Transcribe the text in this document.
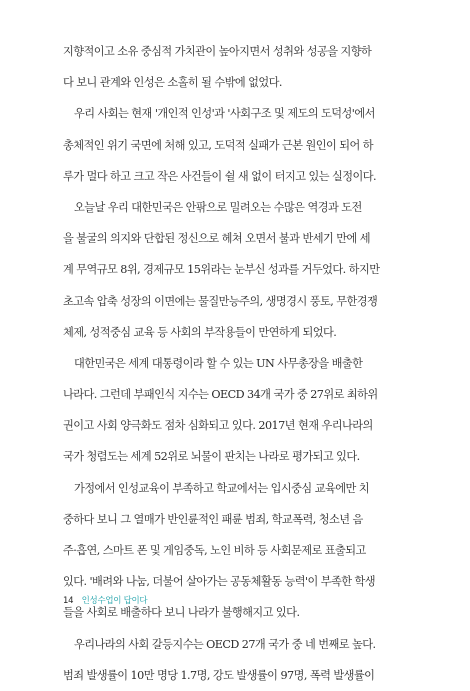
지향적이고 소유 중심적 가치관이 높아지면서 성취와 성공을 지향하
다 보니 관계와 인성은 소홀히 될 수밖에 없었다.
우리 사회는 현재 '개인적 인성'과 '사회구조 및 제도의 도덕성'에서
총체적인 위기 국면에 처해 있고, 도덕적 실패가 근본 원인이 되어 하
루가 멀다 하고 크고 작은 사건들이 쉴 새 없이 터지고 있는 실정이다.
오늘날 우리 대한민국은 안팎으로 밀려오는 수많은 역경과 도전
을 불굴의 의지와 단합된 정신으로 헤쳐 오면서 불과 반세기 만에 세
계 무역규모 8위, 경제규모 15위라는 눈부신 성과를 거두었다. 하지만
초고속 압축 성장의 이면에는 물질만능주의, 생명경시 풍토, 무한경쟁
체제, 성적중심 교육 등 사회의 부작용들이 만연하게 되었다.
대한민국은 세계 대통령이라 할 수 있는 UN 사무총장을 배출한
나라다. 그런데 부패인식 지수는 OECD 34개 국가 중 27위로 최하위
권이고 사회 양극화도 점차 심화되고 있다. 2017년 현재 우리나라의
국가 청렴도는 세계 52위로 뇌물이 판치는 나라로 평가되고 있다.
가정에서 인성교육이 부족하고 학교에서는 입시중심 교육에만 치
중하다 보니 그 열매가 반인륜적인 패륜 범죄, 학교폭력, 청소년 음
주·흡연, 스마트 폰 및 게임중독, 노인 비하 등 사회문제로 표출되고
있다. '배려와 나눔, 더불어 살아가는 공동체활동 능력'이 부족한 학생
들을 사회로 배출하다 보니 나라가 불행해지고 있다.
우리나라의 사회 갈등지수는 OECD 27개 국가 중 네 번째로 높다.
범죄 발생률이 10만 명당 1.7명, 강도 발생률이 97명, 폭력 발생률이
14 인성수업이 답이다
